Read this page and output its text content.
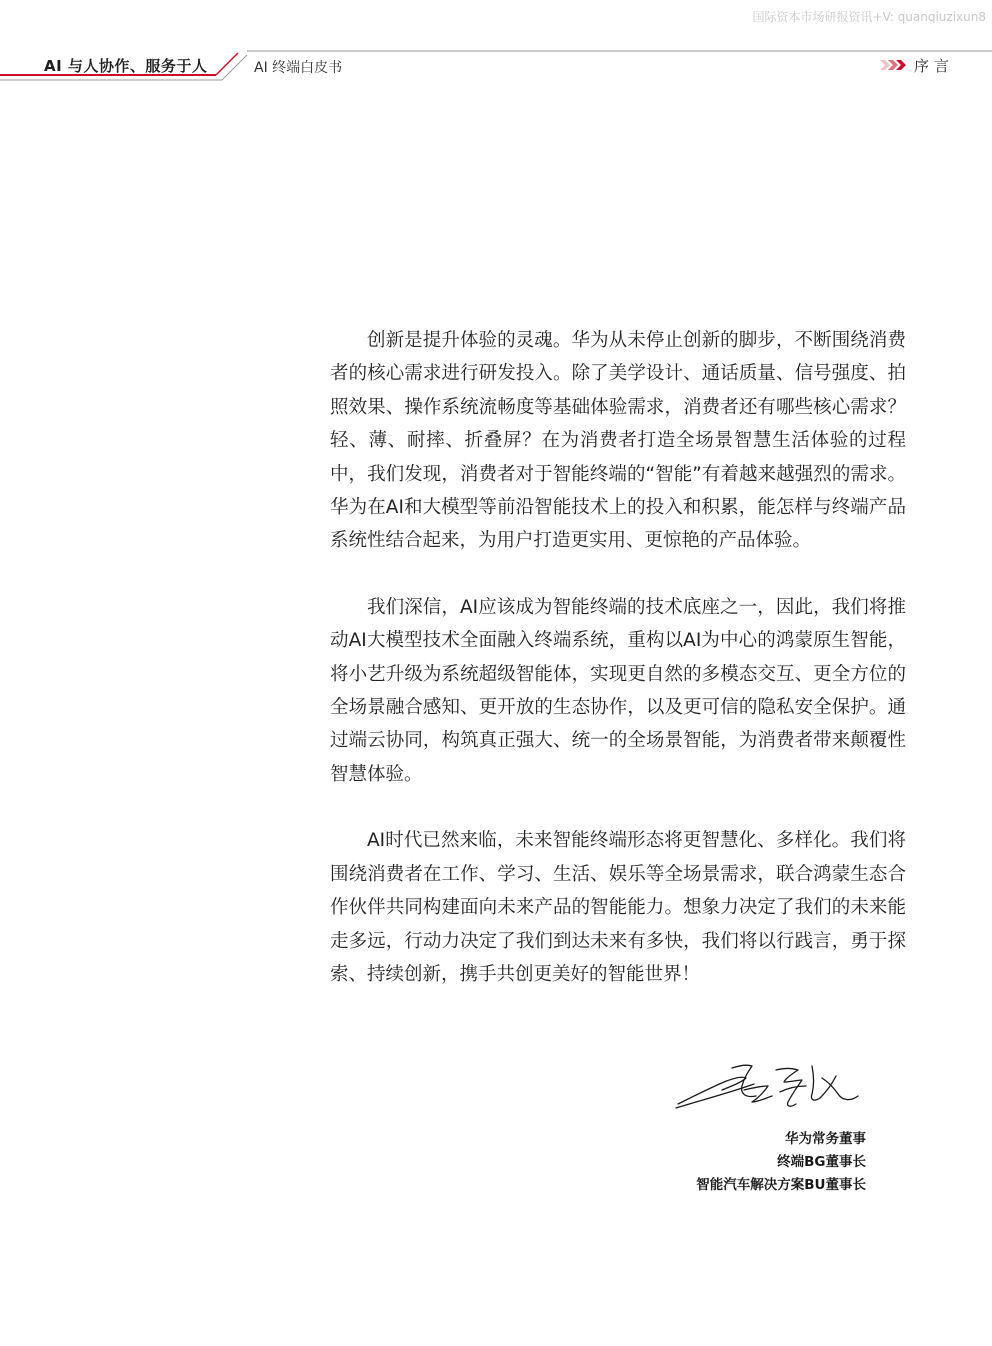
国际资本市场研报资讯+V: quanqiuzixun8
AI 与人协作、服务于人	AI 终端白皮书	序言

创新是提升体验的灵魂。华为从未停止创新的脚步，不断围绕消费者的核心需求进行研发投入。除了美学设计、通话质量、信号强度、拍照效果、操作系统流畅度等基础体验需求，消费者还有哪些核心需求？轻、薄、耐摔、折叠屏？在为消费者打造全场景智慧生活体验的过程中，我们发现，消费者对于智能终端的“智能”有着越来越强烈的需求。华为在AI和大模型等前沿智能技术上的投入和积累，能怎样与终端产品系统性结合起来，为用户打造更实用、更惊艳的产品体验。

我们深信，AI应该成为智能终端的技术底座之一，因此，我们将推动AI大模型技术全面融入终端系统，重构以AI为中心的鸿蒙原生智能，将小艺升级为系统超级智能体，实现更自然的多模态交互、更全方位的全场景融合感知、更开放的生态协作，以及更可信的隐私安全保护。通过端云协同，构筑真正强大、统一的全场景智能，为消费者带来颠覆性智慧体验。

AI时代已然来临，未来智能终端形态将更智慧化、多样化。我们将围绕消费者在工作、学习、生活、娱乐等全场景需求，联合鸿蒙生态合作伙伴共同构建面向未来产品的智能能力。想象力决定了我们的未来能走多远，行动力决定了我们到达未来有多快，我们将以行践言，勇于探索、持续创新，携手共创更美好的智能世界！

华为常务董事
终端BG董事长
智能汽车解决方案BU董事长
